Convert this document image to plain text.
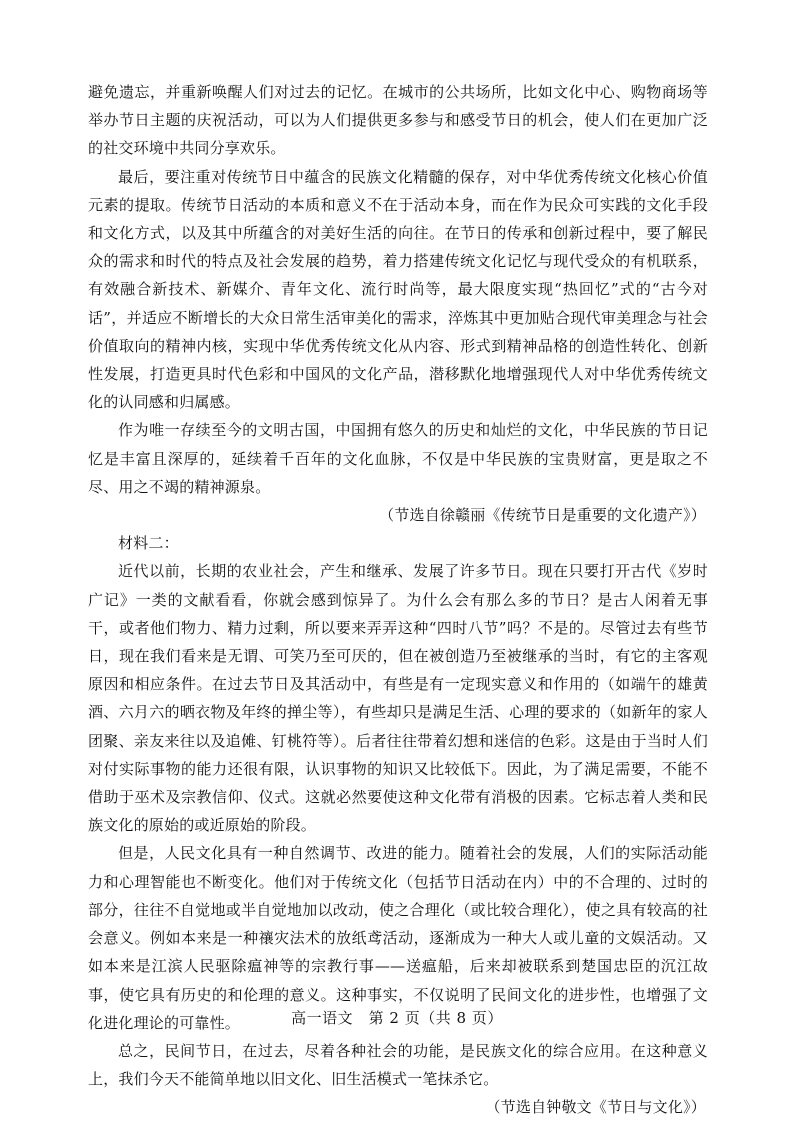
避免遗忘，并重新唤醒人们对过去的记忆。在城市的公共场所，比如文化中心、购物商场等举办节日主题的庆祝活动，可以为人们提供更多参与和感受节日的机会，使人们在更加广泛的社交环境中共同分享欢乐。

最后，要注重对传统节日中蕴含的民族文化精髓的保存，对中华优秀传统文化核心价值元素的提取。传统节日活动的本质和意义不在于活动本身，而在作为民众可实践的文化手段和文化方式，以及其中所蕴含的对美好生活的向往。在节日的传承和创新过程中，要了解民众的需求和时代的特点及社会发展的趋势，着力搭建传统文化记忆与现代受众的有机联系，有效融合新技术、新媒介、青年文化、流行时尚等，最大限度实现“热回忆”式的“古今对话”，并适应不断增长的大众日常生活审美化的需求，淬炼其中更加贴合现代审美理念与社会价值取向的精神内核，实现中华优秀传统文化从内容、形式到精神品格的创造性转化、创新性发展，打造更具时代色彩和中国风的文化产品，潜移默化地增强现代人对中华优秀传统文化的认同感和归属感。

作为唯一存续至今的文明古国，中国拥有悠久的历史和灿烂的文化，中华民族的节日记忆是丰富且深厚的，延续着千百年的文化血脉，不仅是中华民族的宝贵财富，更是取之不尽、用之不竭的精神源泉。

（节选自徐赣丽《传统节日是重要的文化遗产》）

材料二：

近代以前，长期的农业社会，产生和继承、发展了许多节日。现在只要打开古代《岁时广记》一类的文献看看，你就会感到惊异了。为什么会有那么多的节日？是古人闲着无事干，或者他们物力、精力过剩，所以要来弄弄这种“四时八节”吗？不是的。尽管过去有些节日，现在我们看来是无谓、可笑乃至可厌的，但在被创造乃至被继承的当时，有它的主客观原因和相应条件。在过去节日及其活动中，有些是有一定现实意义和作用的（如端午的雄黄酒、六月六的晒衣物及年终的掸尘等），有些却只是满足生活、心理的要求的（如新年的家人团聚、亲友来往以及追傩、钉桃符等）。后者往往带着幻想和迷信的色彩。这是由于当时人们对付实际事物的能力还很有限，认识事物的知识又比较低下。因此，为了满足需要，不能不借助于巫术及宗教信仰、仪式。这就必然要使这种文化带有消极的因素。它标志着人类和民族文化的原始的或近原始的阶段。

但是，人民文化具有一种自然调节、改进的能力。随着社会的发展，人们的实际活动能力和心理智能也不断变化。他们对于传统文化（包括节日活动在内）中的不合理的、过时的部分，往往不自觉地或半自觉地加以改动，使之合理化（或比较合理化），使之具有较高的社会意义。例如本来是一种禳灾法术的放纸鸢活动，逐渐成为一种大人或儿童的文娱活动。又如本来是江滨人民驱除瘟神等的宗教行事——送瘟船，后来却被联系到楚国忠臣的沉江故事，使它具有历史的和伦理的意义。这种事实，不仅说明了民间文化的进步性，也增强了文化进化理论的可靠性。

总之，民间节日，在过去，尽着各种社会的功能，是民族文化的综合应用。在这种意义上，我们今天不能简单地以旧文化、旧生活模式一笔抹杀它。

（节选自钟敬文《节日与文化》）

高一语文　第 2 页（共 8 页）
